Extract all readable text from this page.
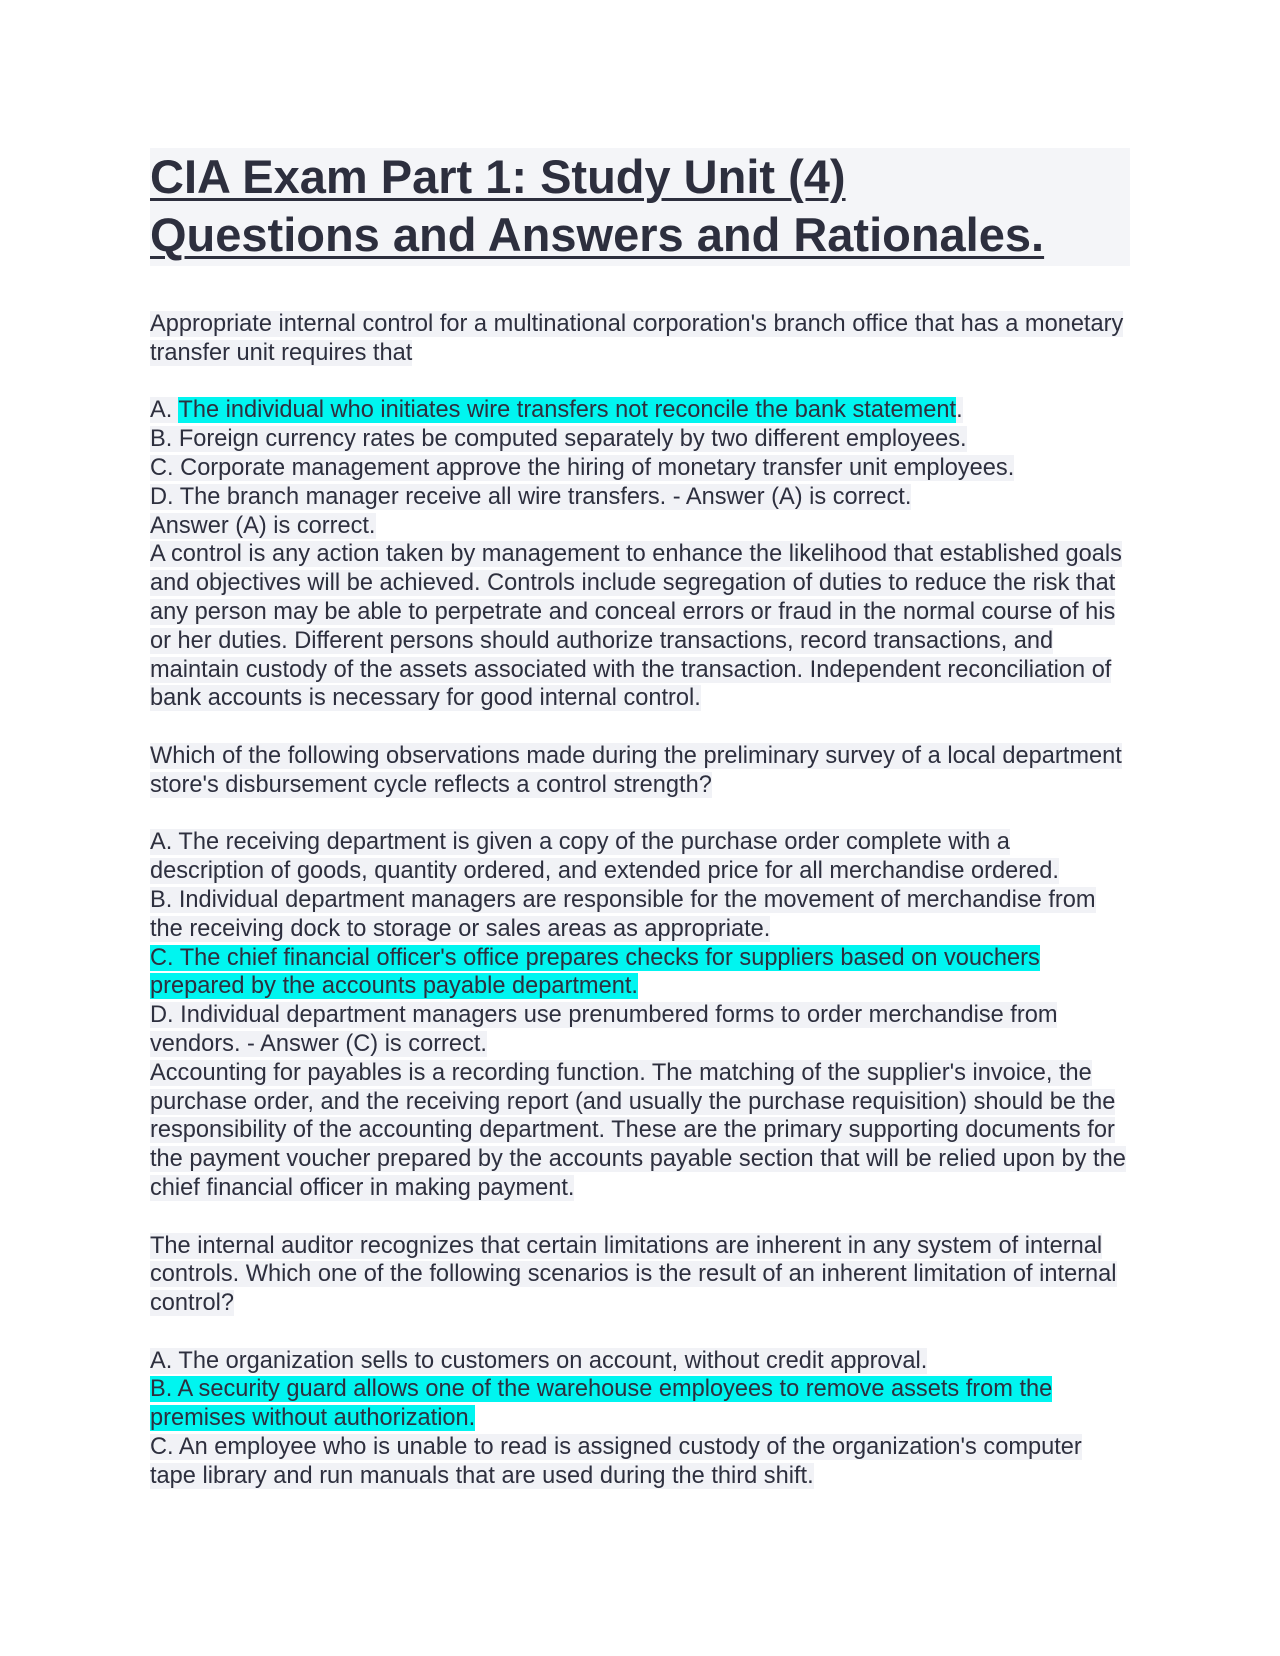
CIA Exam Part 1: Study Unit (4)
Questions and Answers and Rationales.

Appropriate internal control for a multinational corporation's branch office that has a monetary transfer unit requires that

A. The individual who initiates wire transfers not reconcile the bank statement.

B. Foreign currency rates be computed separately by two different employees.

C. Corporate management approve the hiring of monetary transfer unit employees.

D. The branch manager receive all wire transfers. - Answer (A) is correct.

Answer (A) is correct.

A control is any action taken by management to enhance the likelihood that established goals and objectives will be achieved. Controls include segregation of duties to reduce the risk that any person may be able to perpetrate and conceal errors or fraud in the normal course of his or her duties. Different persons should authorize transactions, record transactions, and maintain custody of the assets associated with the transaction. Independent reconciliation of bank accounts is necessary for good internal control.

Which of the following observations made during the preliminary survey of a local department store's disbursement cycle reflects a control strength?

A. The receiving department is given a copy of the purchase order complete with a description of goods, quantity ordered, and extended price for all merchandise ordered.

B. Individual department managers are responsible for the movement of merchandise from the receiving dock to storage or sales areas as appropriate.

C. The chief financial officer's office prepares checks for suppliers based on vouchers prepared by the accounts payable department.

D. Individual department managers use prenumbered forms to order merchandise from vendors. - Answer (C) is correct.

Accounting for payables is a recording function. The matching of the supplier's invoice, the purchase order, and the receiving report (and usually the purchase requisition) should be the responsibility of the accounting department. These are the primary supporting documents for the payment voucher prepared by the accounts payable section that will be relied upon by the chief financial officer in making payment.

The internal auditor recognizes that certain limitations are inherent in any system of internal controls. Which one of the following scenarios is the result of an inherent limitation of internal control?

A. The organization sells to customers on account, without credit approval.

B. A security guard allows one of the warehouse employees to remove assets from the premises without authorization.

C. An employee who is unable to read is assigned custody of the organization's computer tape library and run manuals that are used during the third shift.
